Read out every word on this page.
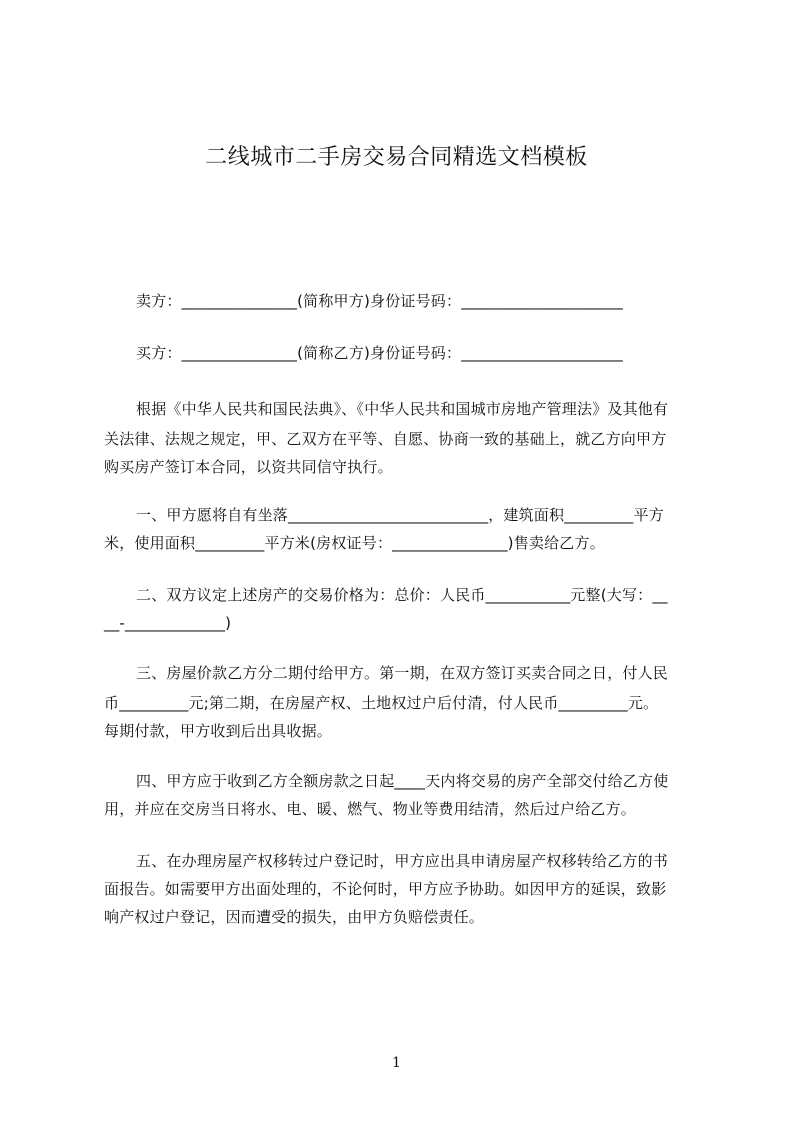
二线城市二手房交易合同精选文档模板
卖方：_______________(简称甲方)身份证号码：_____________________
买方：_______________(简称乙方)身份证号码：_____________________
根据《中华人民共和国民法典》、《中华人民共和国城市房地产管理法》及其他有
关法律、法规之规定，甲、乙双方在平等、自愿、协商一致的基础上，就乙方向甲方
购买房产签订本合同，以资共同信守执行。
一、甲方愿将自有坐落__________________________，建筑面积_________平方
米，使用面积_________平方米(房权证号：_______________)售卖给乙方。
二、双方议定上述房产的交易价格为：总价：人民币___________元整(大写：__
__-_____________)
三、房屋价款乙方分二期付给甲方。第一期，在双方签订买卖合同之日，付人民
币_________元;第二期，在房屋产权、土地权过户后付清，付人民币_________元。
每期付款，甲方收到后出具收据。
四、甲方应于收到乙方全额房款之日起____天内将交易的房产全部交付给乙方使
用，并应在交房当日将水、电、暖、燃气、物业等费用结清，然后过户给乙方。
五、在办理房屋产权移转过户登记时，甲方应出具申请房屋产权移转给乙方的书
面报告。如需要甲方出面处理的，不论何时，甲方应予协助。如因甲方的延误，致影
响产权过户登记，因而遭受的损失，由甲方负赔偿责任。
1
